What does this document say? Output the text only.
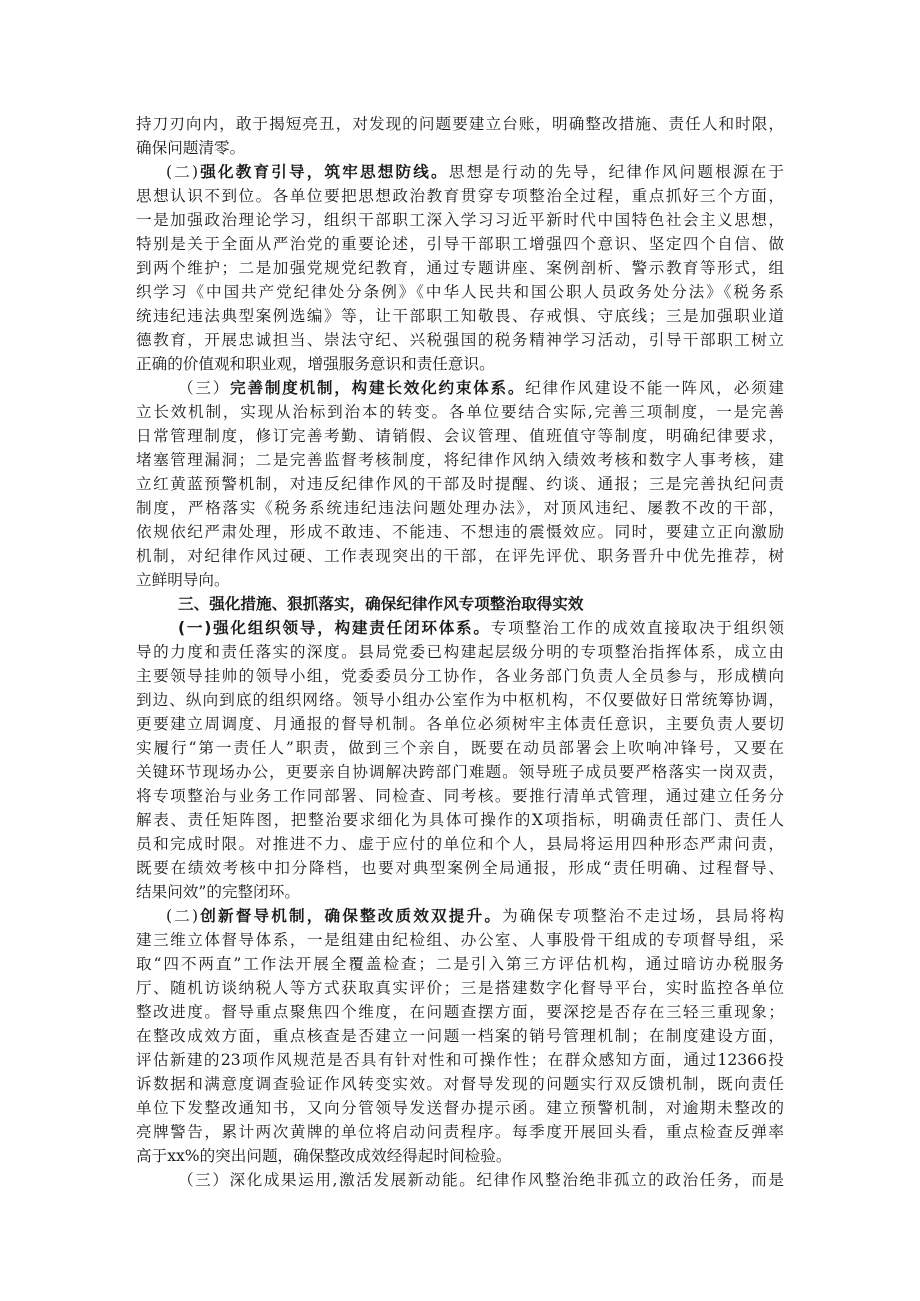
持刀刃向内，敢于揭短亮丑，对发现的问题要建立台账，明确整改措施、责任人和时限，
确保问题清零。
(二)强化教育引导，筑牢思想防线。思想是行动的先导，纪律作风问题根源在于
思想认识不到位。各单位要把思想政治教育贯穿专项整治全过程，重点抓好三个方面，
一是加强政治理论学习，组织干部职工深入学习习近平新时代中国特色社会主义思想，
特别是关于全面从严治党的重要论述，引导干部职工增强四个意识、坚定四个自信、做
到两个维护；二是加强党规党纪教育，通过专题讲座、案例剖析、警示教育等形式，组
织学习《中国共产党纪律处分条例》《中华人民共和国公职人员政务处分法》《税务系
统违纪违法典型案例选编》等，让干部职工知敬畏、存戒惧、守底线；三是加强职业道
德教育，开展忠诚担当、崇法守纪、兴税强国的税务精神学习活动，引导干部职工树立
正确的价值观和职业观，增强服务意识和责任意识。
（三）完善制度机制，构建长效化约束体系。纪律作风建设不能一阵风，必须建
立长效机制，实现从治标到治本的转变。各单位要结合实际,完善三项制度，一是完善
日常管理制度，修订完善考勤、请销假、会议管理、值班值守等制度，明确纪律要求，
堵塞管理漏洞；二是完善监督考核制度，将纪律作风纳入绩效考核和数字人事考核，建
立红黄蓝预警机制，对违反纪律作风的干部及时提醒、约谈、通报；三是完善执纪问责
制度，严格落实《税务系统违纪违法问题处理办法》，对顶风违纪、屡教不改的干部，
依规依纪严肃处理，形成不敢违、不能违、不想违的震慑效应。同时，要建立正向激励
机制，对纪律作风过硬、工作表现突出的干部，在评先评优、职务晋升中优先推荐，树
立鲜明导向。
三、强化措施、狠抓落实，确保纪律作风专项整治取得实效
(一)强化组织领导，构建责任闭环体系。专项整治工作的成效直接取决于组织领
导的力度和责任落实的深度。县局党委已构建起层级分明的专项整治指挥体系，成立由
主要领导挂帅的领导小组，党委委员分工协作，各业务部门负责人全员参与，形成横向
到边、纵向到底的组织网络。领导小组办公室作为中枢机构，不仅要做好日常统筹协调，
更要建立周调度、月通报的督导机制。各单位必须树牢主体责任意识，主要负责人要切
实履行“第一责任人”职责，做到三个亲自，既要在动员部署会上吹响冲锋号，又要在
关键环节现场办公，更要亲自协调解决跨部门难题。领导班子成员要严格落实一岗双责，
将专项整治与业务工作同部署、同检查、同考核。要推行清单式管理，通过建立任务分
解表、责任矩阵图，把整治要求细化为具体可操作的X项指标，明确责任部门、责任人
员和完成时限。对推进不力、虚于应付的单位和个人，县局将运用四种形态严肃问责，
既要在绩效考核中扣分降档，也要对典型案例全局通报，形成“责任明确、过程督导、
结果问效”的完整闭环。
(二)创新督导机制，确保整改质效双提升。为确保专项整治不走过场，县局将构
建三维立体督导体系，一是组建由纪检组、办公室、人事股骨干组成的专项督导组，采
取“四不两直”工作法开展全覆盖检查；二是引入第三方评估机构，通过暗访办税服务
厅、随机访谈纳税人等方式获取真实评价；三是搭建数字化督导平台，实时监控各单位
整改进度。督导重点聚焦四个维度，在问题查摆方面，要深挖是否存在三轻三重现象；
在整改成效方面，重点核查是否建立一问题一档案的销号管理机制；在制度建设方面，
评估新建的23项作风规范是否具有针对性和可操作性；在群众感知方面，通过12366投
诉数据和满意度调查验证作风转变实效。对督导发现的问题实行双反馈机制，既向责任
单位下发整改通知书，又向分管领导发送督办提示函。建立预警机制，对逾期未整改的
亮牌警告，累计两次黄牌的单位将启动问责程序。每季度开展回头看，重点检查反弹率
高于xx%的突出问题，确保整改成效经得起时间检验。
（三）深化成果运用,激活发展新动能。纪律作风整治绝非孤立的政治任务，而是
